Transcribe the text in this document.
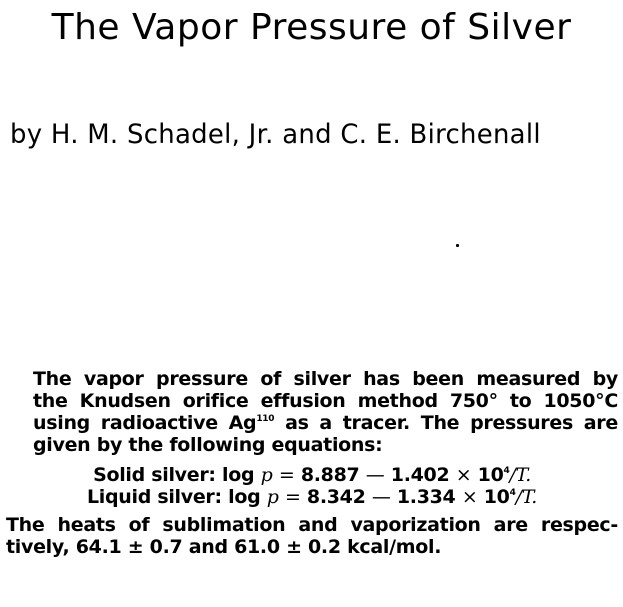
The Vapor Pressure of Silver
by H. M. Schadel, Jr. and C. E. Birchenall

The vapor pressure of silver has been measured by
the Knudsen orifice effusion method 750° to 1050°C
using radioactive Ag$^{110}$ as a tracer. The pressures are
given by the following equations:

Solid silver: log p = 8.887 — $1.402 \times 10^4/T$.
Liquid silver: log p = 8.342 — $1.334 \times 10^4/T$.

The heats of sublimation and vaporization are respec-
tively, 64.1 ± 0.7 and 61.0 ± 0.2 kcal/mol.
